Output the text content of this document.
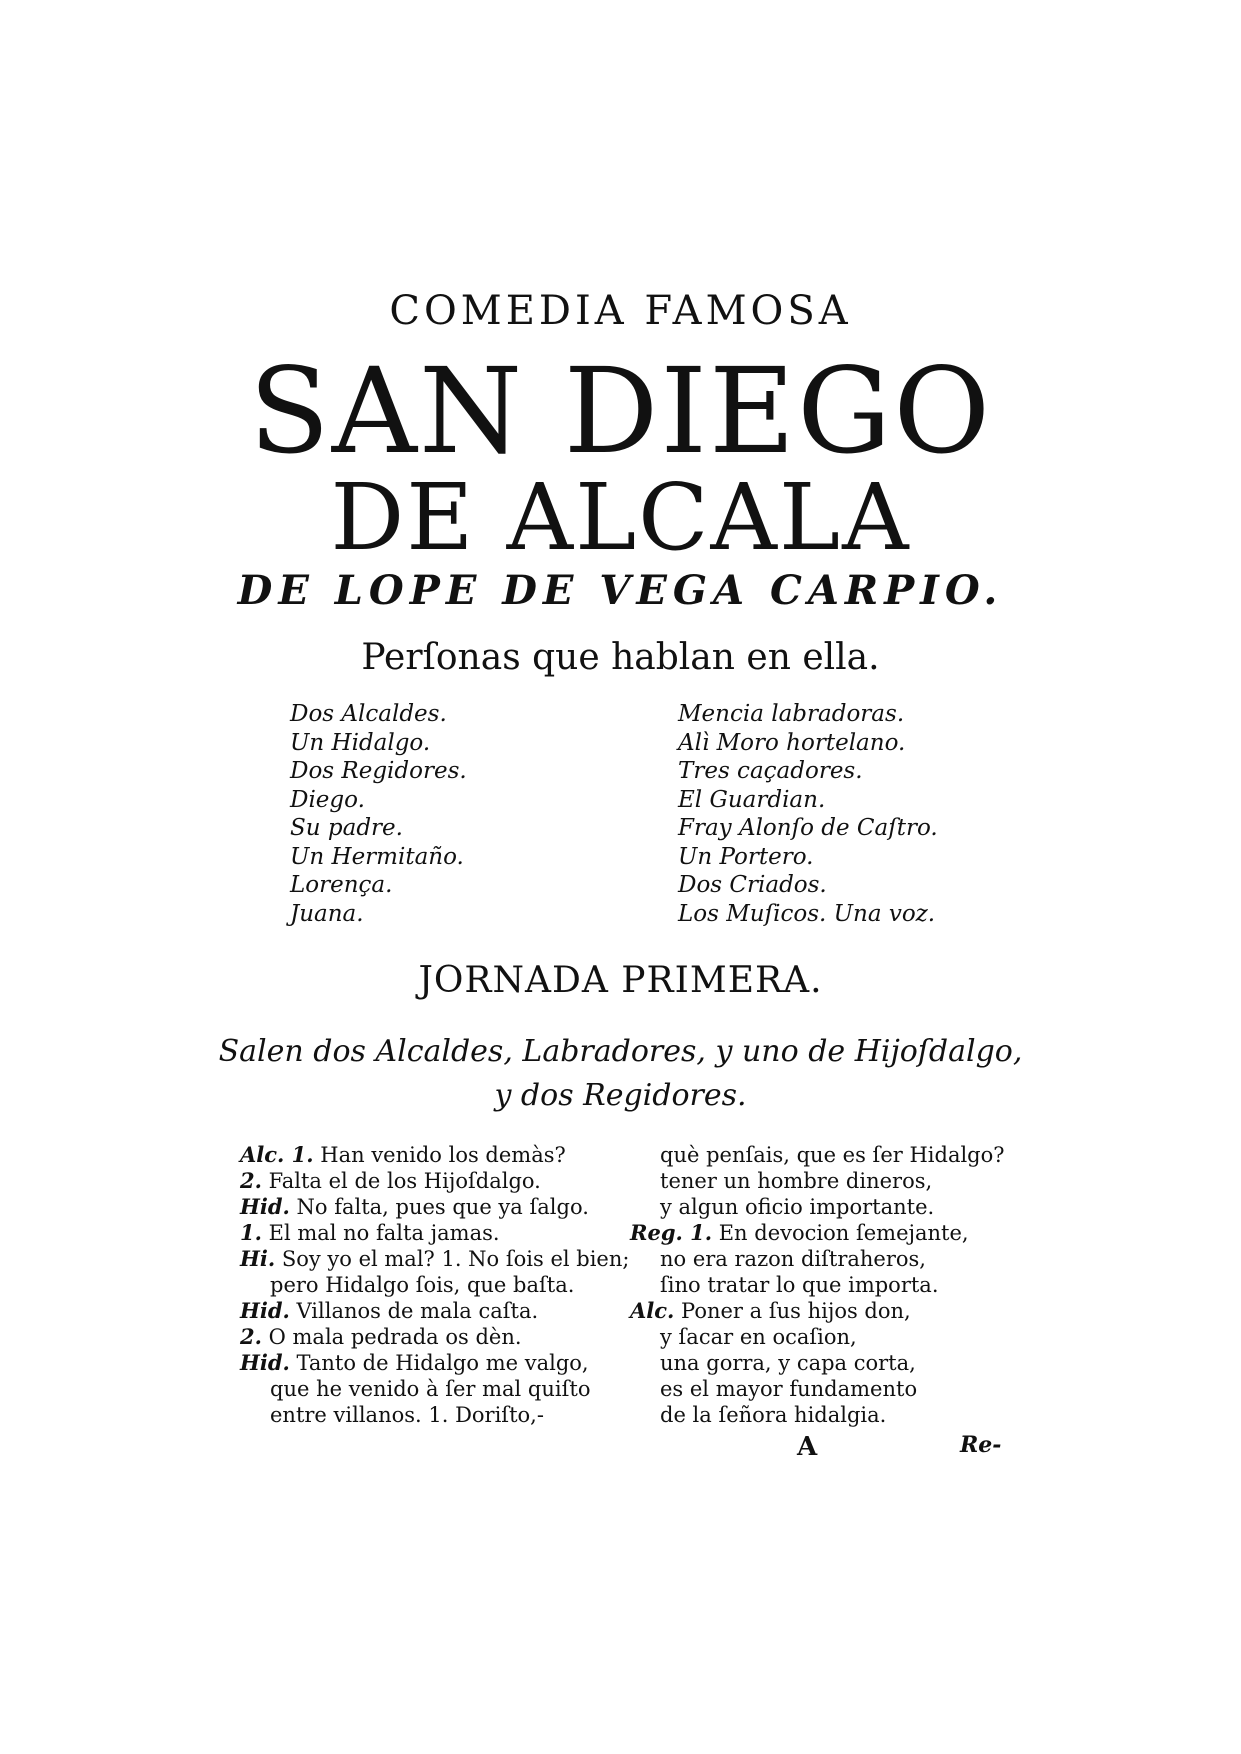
COMEDIA FAMOSA
SAN DIEGO
DE ALCALA
DE LOPE DE VEGA CARPIO.
Perſonas que hablan en ella.
Dos Alcaldes.
Un Hidalgo.
Dos Regidores.
Diego.
Su padre.
Un Hermitaño.
Lorença.
Juana.
Mencia labradoras.
Alì Moro hortelano.
Tres caçadores.
El Guardian.
Fray Alonſo de Caſtro.
Un Portero.
Dos Criados.
Los Muſicos. Una voz.
JORNADA PRIMERA.
Salen dos Alcaldes, Labradores, y uno de Hijoſdalgo,
y dos Regidores.
Alc. 1. Han venido los demàs?
2. Falta el de los Hijoſdalgo.
Hid. No falta, pues que ya ſalgo.
1. El mal no falta jamas.
Hi. Soy yo el mal? 1. No ſois el bien;
pero Hidalgo ſois, que baſta.
Hid. Villanos de mala caſta.
2. O mala pedrada os dèn.
Hid. Tanto de Hidalgo me valgo,
que he venido à ſer mal quiſto
entre villanos. 1. Doriſto,-
què penſais, que es ſer Hidalgo?
tener un hombre dineros,
y algun oficio importante.
Reg. 1. En devocion ſemejante,
no era razon diſtraheros,
ſino tratar lo que importa.
Alc. Poner a ſus hijos don,
y ſacar en ocaſion,
una gorra, y capa corta,
es el mayor fundamento
de la ſeñora hidalgia.
A	Re-
